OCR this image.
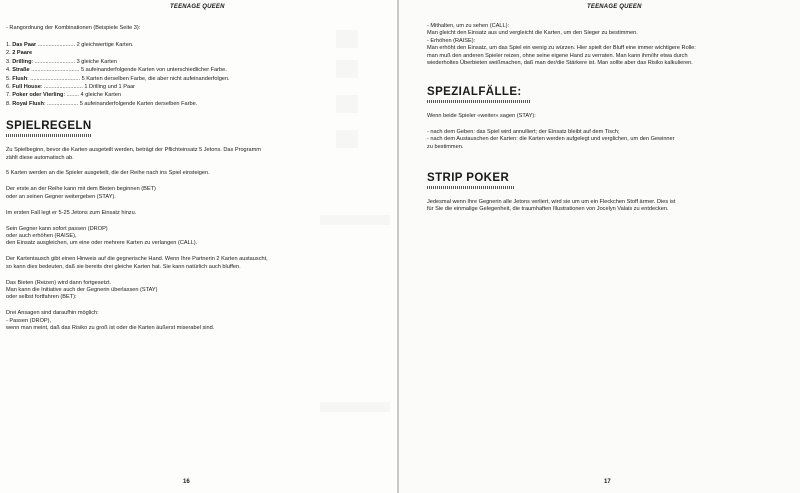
TEENAGE QUEEN

- Rangordnung der Kombinationen (Beispiele Seite 3):

1. Das Paar ........................ 2 gleichwertige Karten.
2. 2 Paare
3. Drilling: .......................... 3 gleiche Karten
4. Straße ............................... 5 aufeinanderfolgende Karten von unterschiedlicher Farbe.
5. Flush: ................................ 5 Karten derselben Farbe, die aber nicht aufeinanderfolgen.
6. Full House: ......................... 1 Drilling und 1 Paar
7. Poker oder Vierling: ........ 4 gleiche Karten
8. Royal Flush: .................... 5 aufeinanderfolgende Karten derselben Farbe.
SPIELREGELN

Zu Spielbeginn, bevor die Karten ausgeteilt werden, beträgt der Pflichteinsatz 5 Jetons. Das Programm
zählt diese automatisch ab.

5 Karten werden an die Spieler ausgeteilt, die der Reihe nach ins Spiel einsteigen.

Der erste an der Reihe kann mit dem Bieten beginnen (BET)
oder an seinen Gegner weitergeben (STAY).

Im ersten Fall legt er 5-25 Jetons zum Einsatz hinzu.

Sein Gegner kann sofort passen (DROP)
oder auch erhöhen (RAISE),
den Einsatz ausgleichen, um eine oder mehrere Karten zu verlangen (CALL).

Der Kartentausch gibt einen Hinweis auf die gegnerische Hand. Wenn Ihre Partnerin 2 Karten austauscht,
so kann dies bedeuten, daß sie bereits drei gleiche Karten hat. Sie kann natürlich auch bluffen.

Das Bieten (Reizen) wird dann fortgesetzt.
Man kann die Initiative auch der Gegnerin überlassen (STAY)
oder selbst fortfahren (BET):

Drei Ansagen sind daraufhin möglich:
- Passen (DROP),
wenn man meint, daß das Risiko zu groß ist oder die Karten äußerst miserabel sind.

16
TEENAGE QUEEN

- Mithalten, um zu sehen (CALL):
Man gleicht den Einsatz aus und vergleicht die Karten, um den Sieger zu bestimmen.
- Erhöhen (RAISE):
Man erhöht den Einsatz, um das Spiel ein wenig zu würzen. Hier spielt der Bluff eine immer wichtigere Rolle:
man muß den anderen Spieler reizen, ohne seine eigene Hand zu verraten. Man kann ihm/ihr etwa durch
wiederholtes Überbieten weißmachen, daß man der/die Stärkere ist. Man sollte aber das Risiko kalkulieren.

SPEZIALFÄLLE:

Wenn beide Spieler «weiter» sagen (STAY):

- nach dem Geben: das Spiel wird annulliert; der Einsatz bleibt auf dem Tisch;
- nach dem Austauschen der Karten: die Karten werden aufgelegt und verglichen, um den Gewinner
zu bestimmen.

STRIP POKER

Jedesmal wenn Ihre Gegnerin alle Jetons verliert, wird sie um um ein Fleckchen Stoff ärmer. Dies ist
für Sie die einmalige Gelegenheit, die traumhaften Illustrationen von Jocelyn Valais zu entdecken.

17
